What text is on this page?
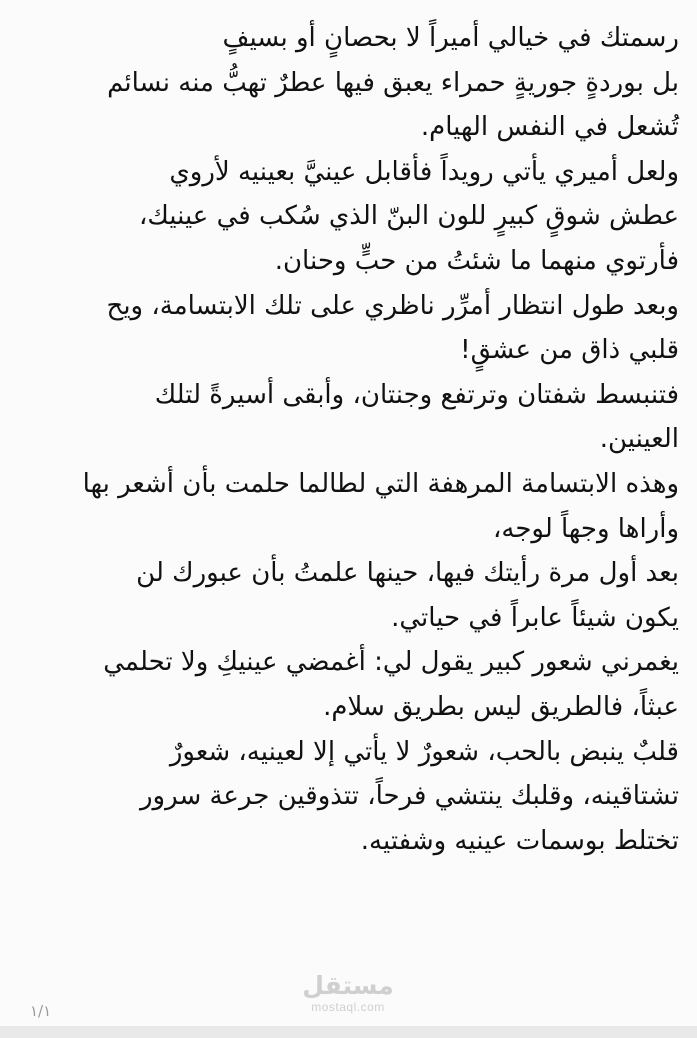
رسمتك في خيالي أميراً لا بحصانٍ أو بسيفٍ
بل بوردةٍ جوريةٍ حمراء يعبق فيها عطرٌ تهبُّ منه نسائم
تُشعل في النفس الهيام.
ولعل أميري يأتي رويداً فأقابل عينيَّ بعينيه لأروي
عطش شوقٍ كبيرٍ للون البنّ الذي سُكب في عينيك،
فأرتوي منهما ما شئتُ من حبٍّ وحنان.
وبعد طول انتظار أمرِّر ناظري على تلك الابتسامة، ويح
قلبي ذاق من عشقٍ!
فتنبسط شفتان وترتفع وجنتان، وأبقى أسيرةً لتلك
العينين.
وهذه الابتسامة المرهفة التي لطالما حلمت بأن أشعر بها
وأراها وجهاً لوجه،
بعد أول مرة رأيتك فيها، حينها علمتُ بأن عبورك لن
يكون شيئاً عابراً في حياتي.
يغمرني شعور كبير يقول لي: أغمضي عينيكِ ولا تحلمي
عبثاً، فالطريق ليس بطريق سلام.
قلبٌ ينبض بالحب، شعورٌ لا يأتي إلا لعينيه، شعورٌ
تشتاقينه، وقلبك ينتشي فرحاً، تتذوقين جرعة سرور
تختلط بوسمات عينيه وشفتيه.
مستقل
mostaql.com
١/١
